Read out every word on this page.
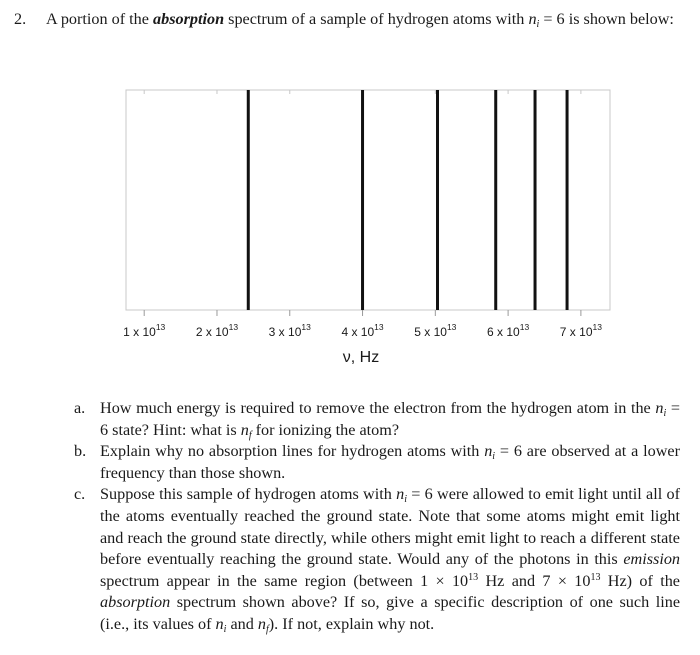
2. A portion of the absorption spectrum of a sample of hydrogen atoms with $n_i = 6$ is shown below:
1 x $10^{13}$	2 x $10^{13}$	3 x $10^{13}$	4 x $10^{13}$	5 x $10^{13}$	6 x $10^{13}$	7 x $10^{13}$
ν, Hz
a. How much energy is required to remove the electron from the hydrogen atom in the $n_i = 6$ state? Hint: what is $n_f$ for ionizing the atom?
b. Explain why no absorption lines for hydrogen atoms with $n_i = 6$ are observed at a lower frequency than those shown.
c. Suppose this sample of hydrogen atoms with $n_i = 6$ were allowed to emit light until all of the atoms eventually reached the ground state. Note that some atoms might emit light and reach the ground state directly, while others might emit light to reach a different state before eventually reaching the ground state. Would any of the photons in this emission spectrum appear in the same region (between $1 \times 10^{13}$ Hz and $7 \times 10^{13}$ Hz) of the absorption spectrum shown above? If so, give a specific description of one such line (i.e., its values of $n_i$ and $n_f$). If not, explain why not.
